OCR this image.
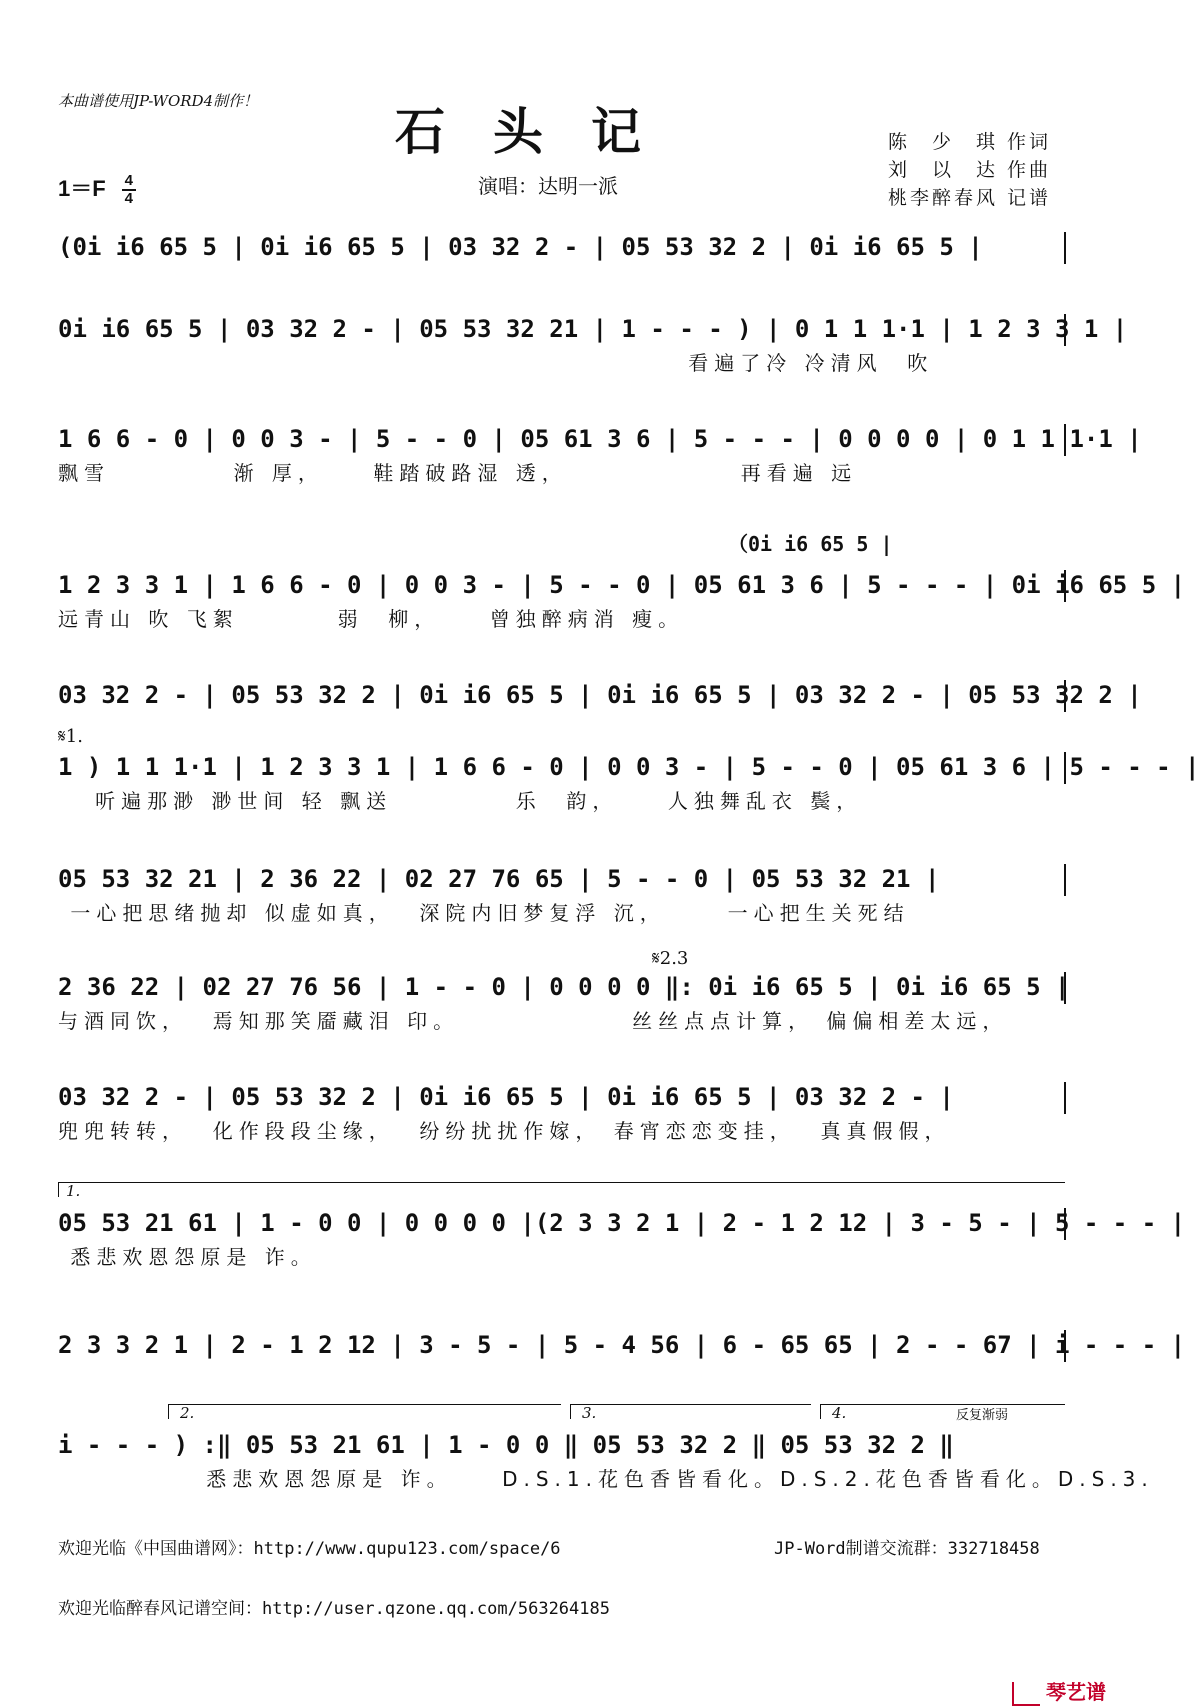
本曲谱使用JP-WORD4制作！
石头记
$1=F \frac{4}{4}$	演唱：达明一派
陈　少　琪 作词
刘　以　达 作曲
桃李醉春风 记谱
(0i i6 65 5 | 0i i6 65 5 | 03 32 2 - | 05 53 32 2 | 0i i6 65 5 |
0i i6 65 5 | 03 32 2 - | 05 53 32 21 | 1 - - - ) | 0 1 1 1·1 | 1 2 3 3 1 |
看遍了冷 冷清风  吹
1 6 6 - 0 | 0 0 3 - | 5 - - 0 | 05 61 3 6 | 5 - - - | 0 0 0 0 | 0 1 1 1·1 |
飘雪          渐 厚，    鞋踏破路湿 透，              再看遍 远
（0i i6 65 5 |
1 2 3 3 1 | 1 6 6 - 0 | 0 0 3 - | 5 - - 0 | 05 61 3 6 | 5 - - - | 0i i6 65 5 |
远青山 吹 飞絮        弱  柳，    曾独醉病消 瘦。
03 32 2 - | 05 53 32 2 | 0i i6 65 5 | 0i i6 65 5 | 03 32 2 - | 05 53 32 2 |
𝄋1.
1 ) 1 1 1·1 | 1 2 3 3 1 | 1 6 6 - 0 | 0 0 3 - | 5 - - 0 | 05 61 3 6 | 5 - - - |
听遍那渺 渺世间 轻 飘送          乐  韵，    人独舞乱衣 鬓，
05 53 32 21 | 2 36 22 | 02 27 76 65 | 5 - - 0 | 05 53 32 21 |
一心把思绪抛却 似虚如真，  深院内旧梦复浮 沉，     一心把生关死结
𝄋2.3
2 36 22 | 02 27 76 56 | 1 - - 0 | 0 0 0 0 ‖: 0i i6 65 5 | 0i i6 65 5 |
与酒同饮，  焉知那笑靥藏泪 印。              丝丝点点计算， 偏偏相差太远，
03 32 2 - | 05 53 32 2 | 0i i6 65 5 | 0i i6 65 5 | 03 32 2 - |
兜兜转转，  化作段段尘缘，  纷纷扰扰作嫁， 春宵恋恋变挂，  真真假假，
1.
05 53 21 61 | 1 - 0 0 | 0 0 0 0 |(2 3 3 2 1 | 2 - 1 2 12 | 3 - 5 - | 5 - - - |
悉悲欢恩怨原是 诈。
2 3 3 2 1 | 2 - 1 2 12 | 3 - 5 - | 5 - 4 56 | 6 - 65 65 | 2 - - 67 | i - - - |
2.	3.	4.	反复渐弱
i - - - ) :‖ 05 53 21 61 | 1 - 0 0 ‖ 05 53 32 2 ‖ 05 53 32 2 ‖
悉悲欢恩怨原是 诈。    D.S.1.花色香皆看化。D.S.2.花色香皆看化。D.S.3.
欢迎光临《中国曲谱网》：http://www.qupu123.com/space/6	JP-Word制谱交流群：332718458
欢迎光临醉春风记谱空间：http://user.qzone.qq.com/563264185
琴艺谱
